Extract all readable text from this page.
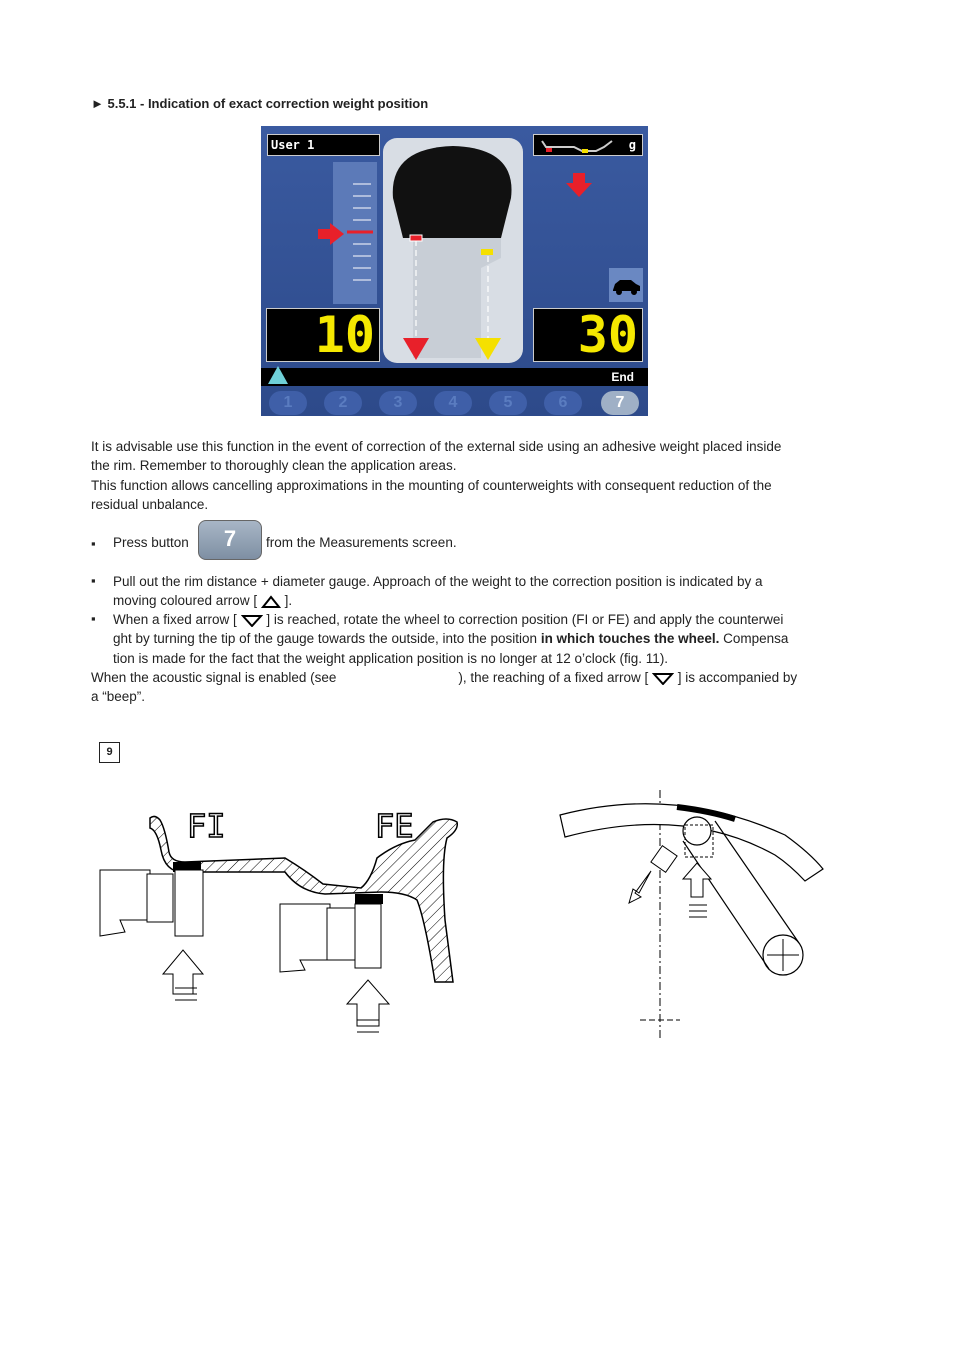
► 5.5.1 - Indication of exact correction weight position
User 1	g
10	30
End
1	2	3	4	5	6	7
It is advisable use this function in the event of correction of the external side using an adhesive weight placed inside
the rim. Remember to thoroughly clean the application areas.
This function allows cancelling approximations in the mounting of counterweights with consequent reduction of the
residual unbalance.
▪ Press button	7	from the Measurements screen.
▪ Pull out the rim distance + diameter gauge. Approach of the weight to the correction position is indicated by a
moving coloured arrow [ ].
▪ When a fixed arrow [ ] is reached, rotate the wheel to correction position (FI or FE) and apply the counterwei
ght by turning the tip of the gauge towards the outside, into the position in which touches the wheel. Compensa
tion is made for the fact that the weight application position is no longer at 12 o’clock (fig. 11).
When the acoustic signal is enabled (see	), the reaching of a fixed arrow [ ] is accompanied by
a “beep”.
9
FI	FE
